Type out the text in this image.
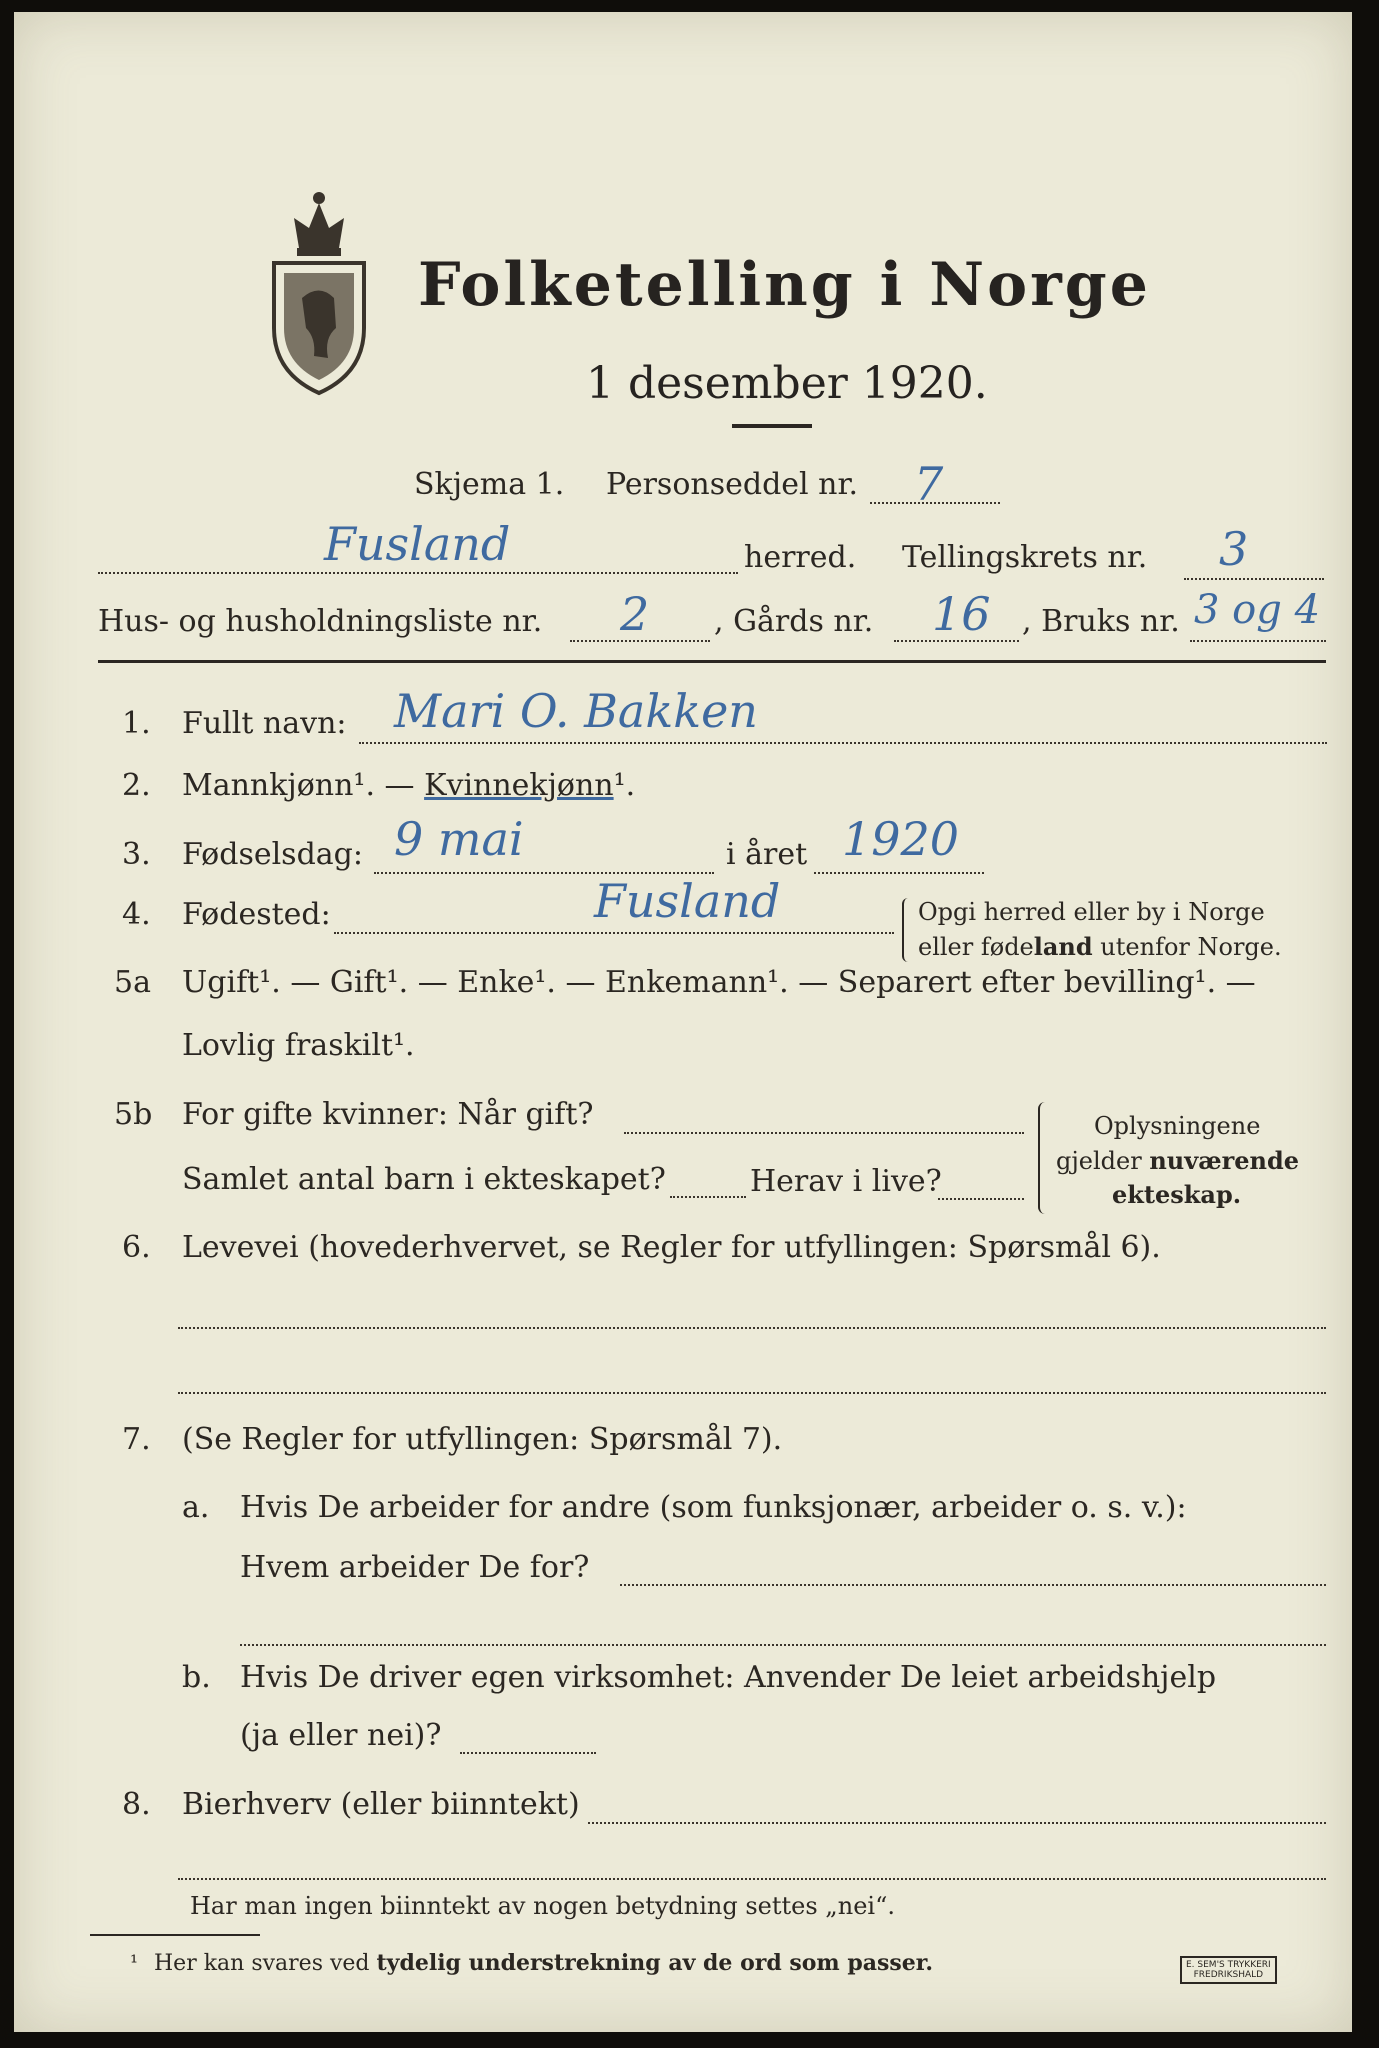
Folketelling i Norge
1 desember 1920.
Skjema 1. Personseddel nr. 7
Fusland	herred. Tellingskrets nr. 3
Hus- og husholdningsliste nr. 2 , Gårds nr. 16 , Bruks nr. 3 og 4
1. Fullt navn: Mari O. Bakken
2. Mannkjønn¹. — Kvinnekjønn¹.
3. Fødselsdag: 9 mai	i året 1920
4. Fødested:	Fusland	Opgi herred eller by i Norge
eller fødeland utenfor Norge.
5a Ugift¹. — Gift¹. — Enke¹. — Enkemann¹. — Separert efter bevilling¹. —
Lovlig fraskilt¹.
5b For gifte kvinner: Når gift?
Samlet antal barn i ekteskapet?	Herav i live?
Oplysningene
gjelder nuværende
ekteskap.
6. Levevei (hovederhvervet, se Regler for utfyllingen: Spørsmål 6).
7. (Se Regler for utfyllingen: Spørsmål 7).
a. Hvis De arbeider for andre (som funksjonær, arbeider o. s. v.):
Hvem arbeider De for?
b. Hvis De driver egen virksomhet: Anvender De leiet arbeidshjelp
(ja eller nei)?
8. Bierhverv (eller biinntekt)
Har man ingen biinntekt av nogen betydning settes „nei“.
¹ Her kan svares ved tydelig understrekning av de ord som passer.	E. SEM'S TRYKKERI
FREDRIKSHALD
